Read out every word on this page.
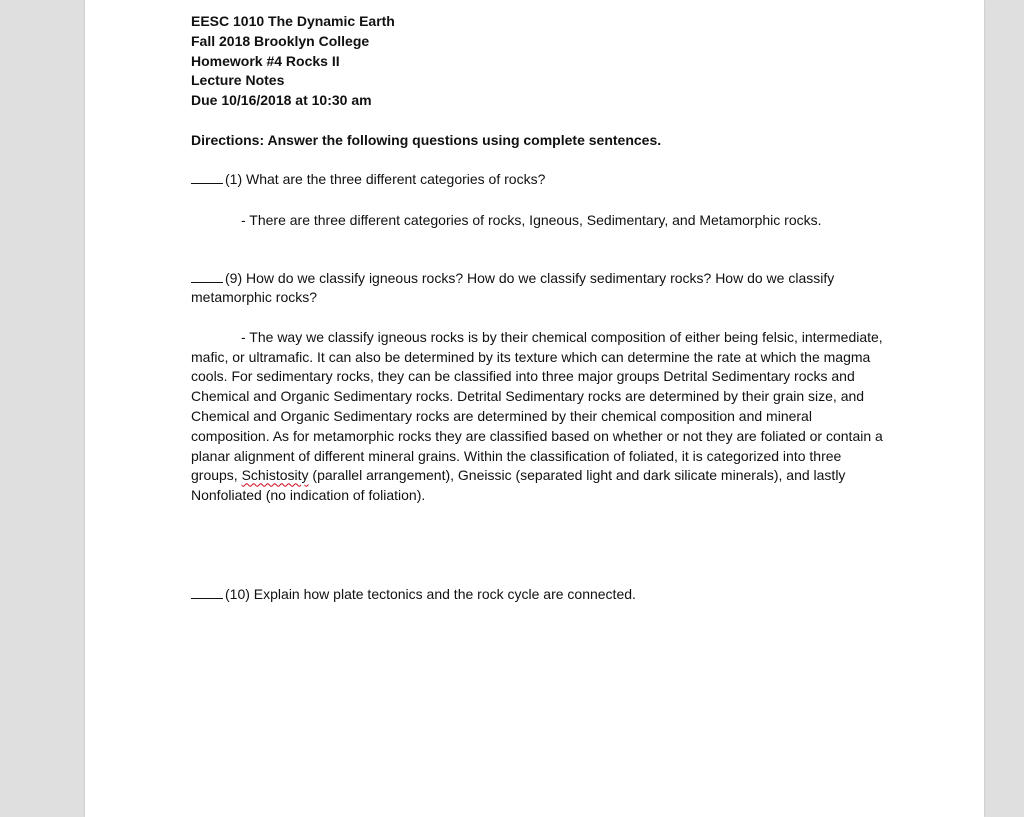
EESC 1010 The Dynamic Earth

Fall 2018 Brooklyn College

Homework #4 Rocks II

Lecture Notes

Due 10/16/2018 at 10:30 am

Directions: Answer the following questions using complete sentences.

(1) What are the three different categories of rocks?

- There are three different categories of rocks, Igneous, Sedimentary, and Metamorphic rocks.

(9) How do we classify igneous rocks? How do we classify sedimentary rocks? How do we classify metamorphic rocks?

- The way we classify igneous rocks is by their chemical composition of either being felsic, intermediate, mafic, or ultramafic. It can also be determined by its texture which can determine the rate at which the magma cools. For sedimentary rocks, they can be classified into three major groups Detrital Sedimentary rocks and Chemical and Organic Sedimentary rocks. Detrital Sedimentary rocks are determined by their grain size, and Chemical and Organic Sedimentary rocks are determined by their chemical composition and mineral composition. As for metamorphic rocks they are classified based on whether or not they are foliated or contain a planar alignment of different mineral grains. Within the classification of foliated, it is categorized into three groups, Schistosity (parallel arrangement), Gneissic (separated light and dark silicate minerals), and lastly Nonfoliated (no indication of foliation).

(10) Explain how plate tectonics and the rock cycle are connected.
